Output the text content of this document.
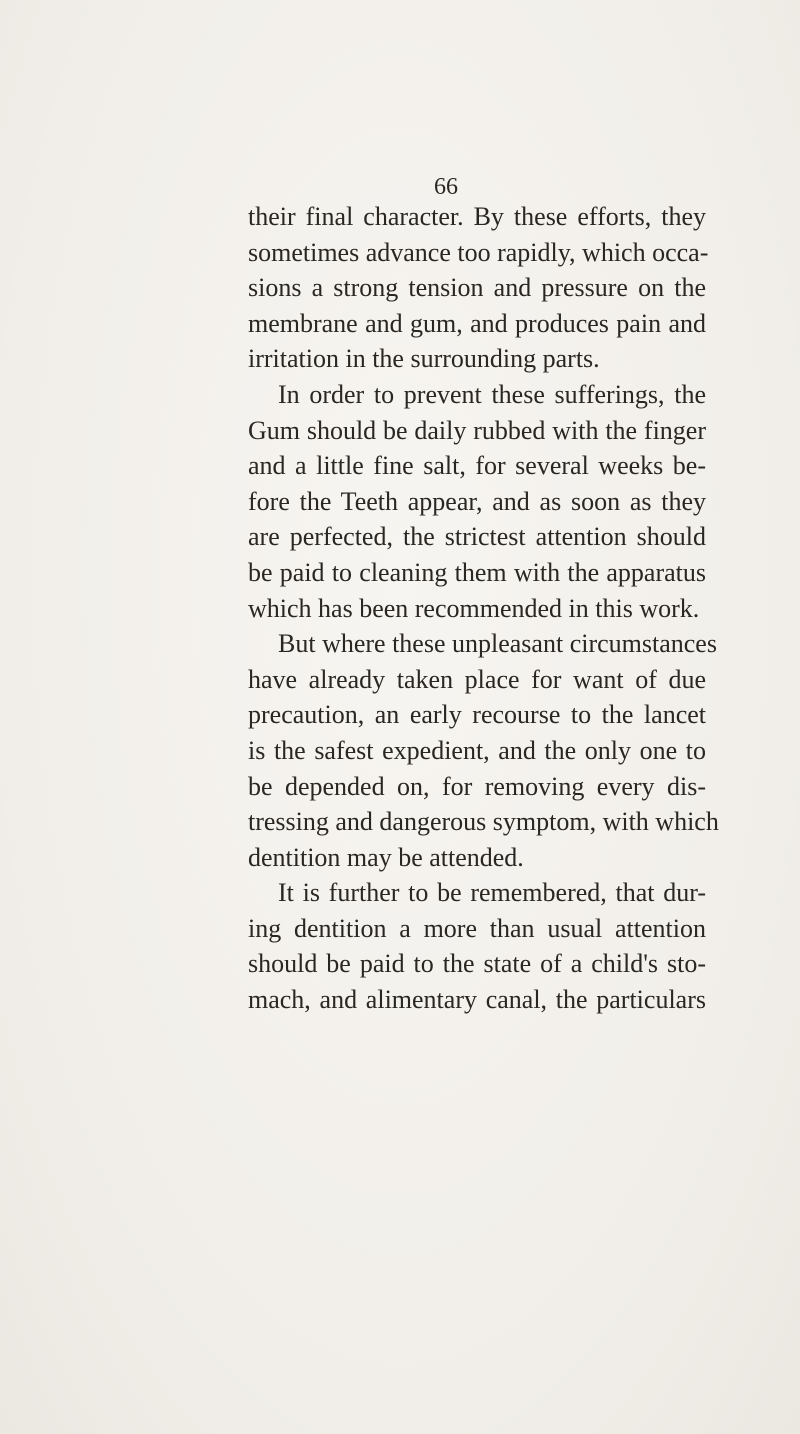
66
their final character. By these efforts, they
sometimes advance too rapidly, which occa-
sions a strong tension and pressure on the
membrane and gum, and produces pain and
irritation in the surrounding parts.
In order to prevent these sufferings, the
Gum should be daily rubbed with the finger
and a little fine salt, for several weeks be-
fore the Teeth appear, and as soon as they
are perfected, the strictest attention should
be paid to cleaning them with the apparatus
which has been recommended in this work.
But where these unpleasant circumstances
have already taken place for want of due
precaution, an early recourse to the lancet
is the safest expedient, and the only one to
be depended on, for removing every dis-
tressing and dangerous symptom, with which
dentition may be attended.
It is further to be remembered, that dur-
ing dentition a more than usual attention
should be paid to the state of a child's sto-
mach, and alimentary canal, the particulars
